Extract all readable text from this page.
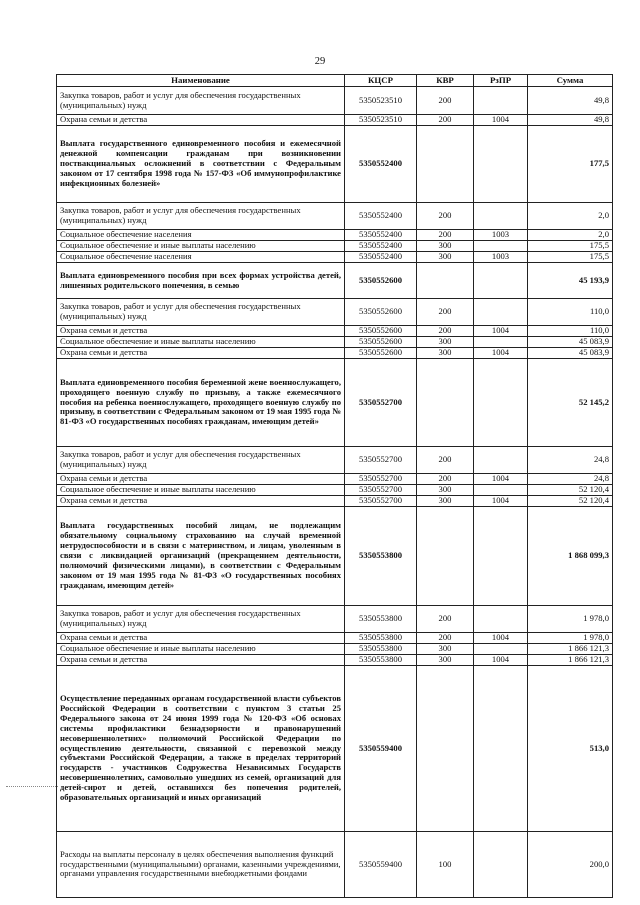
29
Наименование	КЦСР	КВР	РзПР	Сумма
Закупка товаров, работ и услуг для обеспечения государственных (муниципальных) нужд	5350523510	200		49,8
Охрана семьи и детства	5350523510	200	1004	49,8
Выплата государственного единовременного пособия и ежемесячной денежной компенсации гражданам при возникновении поствакцинальных осложнений в соответствии с Федеральным законом от 17 сентября 1998 года № 157-ФЗ «Об иммунопрофилактике инфекционных болезней»	5350552400			177,5
Закупка товаров, работ и услуг для обеспечения государственных (муниципальных) нужд	5350552400	200		2,0
Социальное обеспечение населения	5350552400	200	1003	2,0
Социальное обеспечение и иные выплаты населению	5350552400	300		175,5
Социальное обеспечение населения	5350552400	300	1003	175,5
Выплата единовременного пособия при всех формах устройства детей, лишенных родительского попечения, в семью	5350552600			45 193,9
Закупка товаров, работ и услуг для обеспечения государственных (муниципальных) нужд	5350552600	200		110,0
Охрана семьи и детства	5350552600	200	1004	110,0
Социальное обеспечение и иные выплаты населению	5350552600	300		45 083,9
Охрана семьи и детства	5350552600	300	1004	45 083,9
Выплата единовременного пособия беременной жене военнослужащего, проходящего военную службу по призыву, а также ежемесячного пособия на ребенка военнослужащего, проходящего военную службу по призыву, в соответствии с Федеральным законом от 19 мая 1995 года № 81-ФЗ «О государственных пособиях гражданам, имеющим детей»	5350552700			52 145,2
Закупка товаров, работ и услуг для обеспечения государственных (муниципальных) нужд	5350552700	200		24,8
Охрана семьи и детства	5350552700	200	1004	24,8
Социальное обеспечение и иные выплаты населению	5350552700	300		52 120,4
Охрана семьи и детства	5350552700	300	1004	52 120,4
Выплата государственных пособий лицам, не подлежащим обязательному социальному страхованию на случай временной нетрудоспособности и в связи с материнством, и лицам, уволенным в связи с ликвидацией организаций (прекращением деятельности, полномочий физическими лицами), в соответствии с Федеральным законом от 19 мая 1995 года № 81-ФЗ «О государственных пособиях гражданам, имеющим детей»	5350553800			1 868 099,3
Закупка товаров, работ и услуг для обеспечения государственных (муниципальных) нужд	5350553800	200		1 978,0
Охрана семьи и детства	5350553800	200	1004	1 978,0
Социальное обеспечение и иные выплаты населению	5350553800	300		1 866 121,3
Охрана семьи и детства	5350553800	300	1004	1 866 121,3
Осуществление переданных органам государственной власти субъектов Российской Федерации в соответствии с пунктом 3 статьи 25 Федерального закона от 24 июня 1999 года № 120-ФЗ «Об основах системы профилактики безнадзорности и правонарушений несовершеннолетних» полномочий Российской Федерации по осуществлению деятельности, связанной с перевозкой между субъектами Российской Федерации, а также в пределах территорий государств - участников Содружества Независимых Государств несовершеннолетних, самовольно ушедших из семей, организаций для детей-сирот и детей, оставшихся без попечения родителей, образовательных организаций и иных организаций	5350559400			513,0
Расходы на выплаты персоналу в целях обеспечения выполнения функций государственными (муниципальными) органами, казенными учреждениями, органами управления государственными внебюджетными фондами	5350559400	100		200,0
